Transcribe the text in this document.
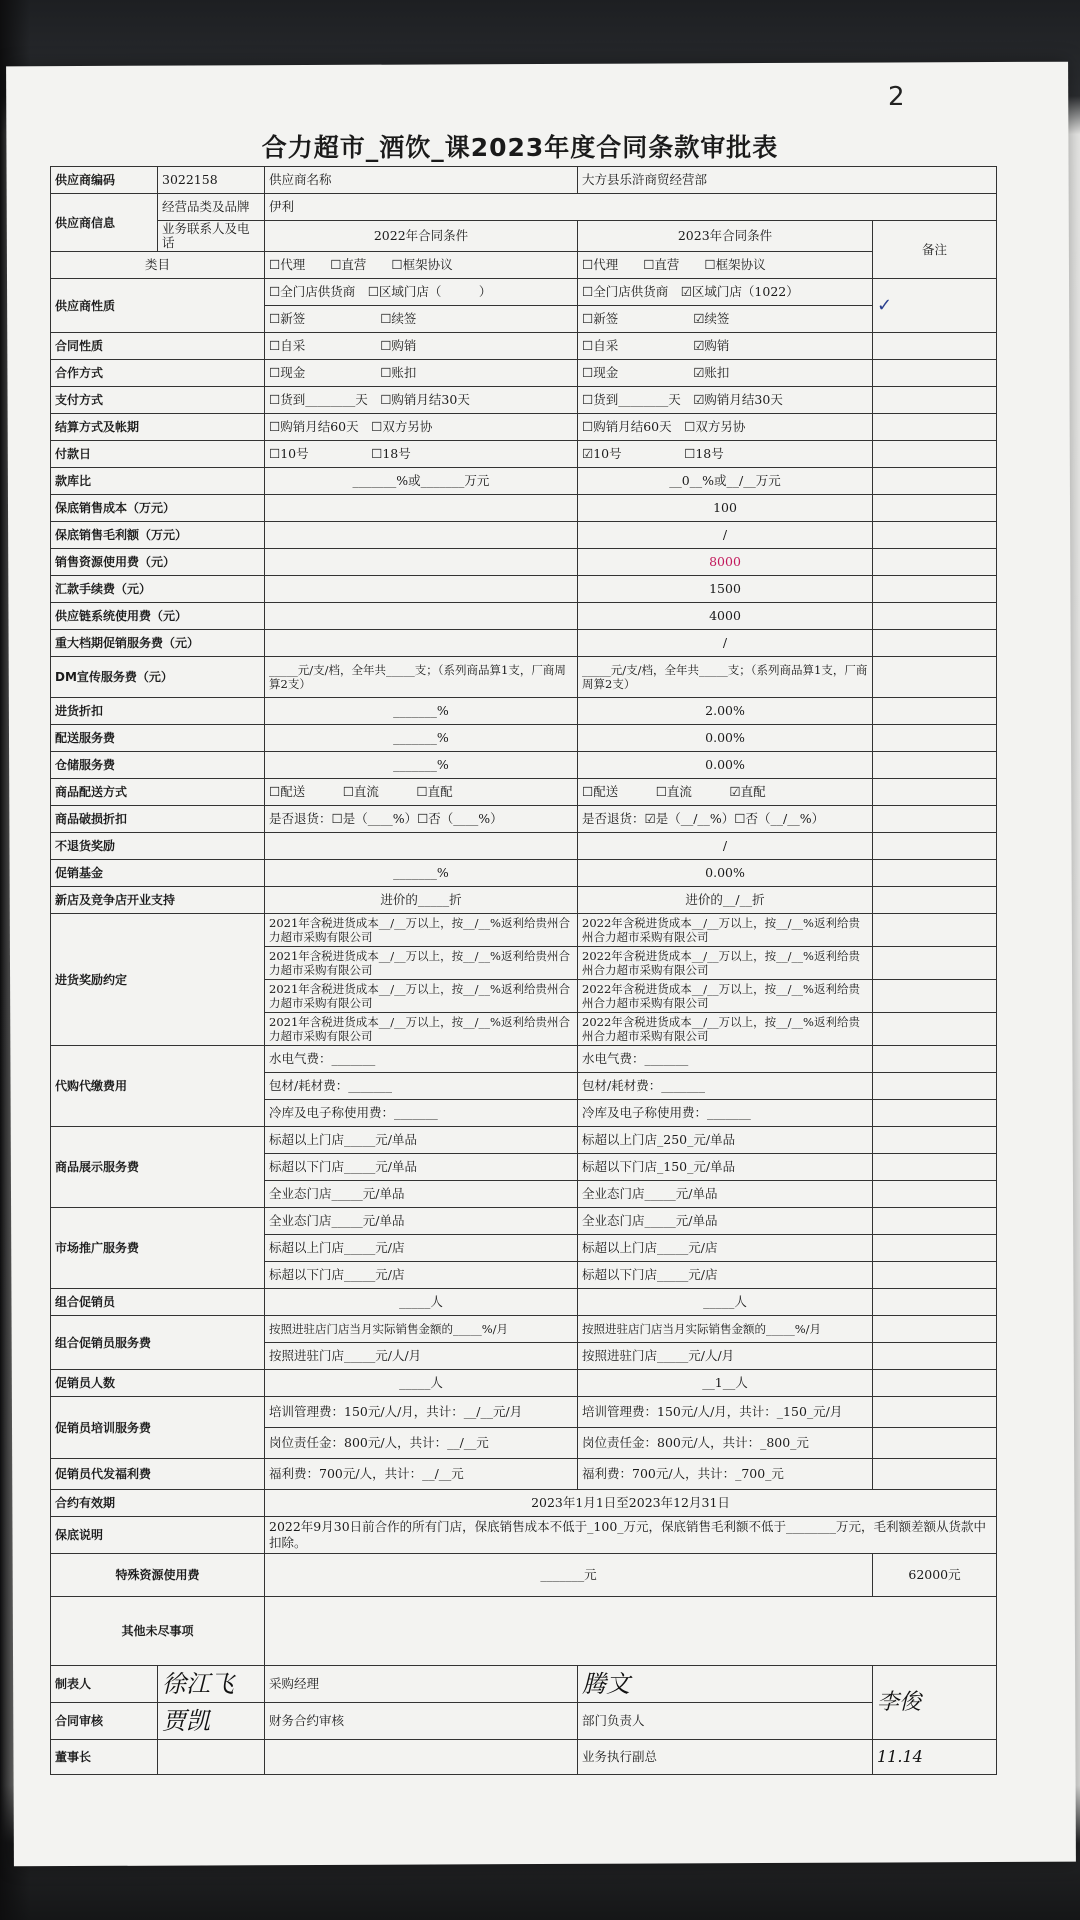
2
合力超市_酒饮_课2023年度合同条款审批表
供应商编码	3022158	供应商名称	大方县乐浒商贸经营部	
供应商信息	经营品类及品牌	伊利		
	业务联系人及电话	2022年合同条件	2023年合同条件	备注
类目		☐代理　　☐直营　　☐框架协议	☐代理　　☐直营　　☐框架协议	
供应商性质		☐全门店供货商　☐区域门店（　　　）	☐全门店供货商　☑区域门店（1022）	✓
		☐新签　　　　　　☐续签	☐新签　　　　　　☑续签	
合同性质		☐自采　　　　　　☐购销	☐自采　　　　　　☑购销	
合作方式		☐现金　　　　　　☐账扣	☐现金　　　　　　☑账扣	
支付方式		☐货到________天　☐购销月结30天	☐货到________天　☑购销月结30天	
结算方式及帐期		☐购销月结60天　☐双方另协	☐购销月结60天　☐双方另协	
付款日		☐10号　　　　　☐18号	☑10号　　　　　☐18号	
款库比		_______%或_______万元	__0__%或__/__万元	
保底销售成本（万元）			100	
保底销售毛利额（万元）			/	
销售资源使用费（元）			8000	
汇款手续费（元）			1500	
供应链系统使用费（元）			4000	
重大档期促销服务费（元）			/	
DM宣传服务费（元）		_____元/支/档，全年共_____支；（系列商品算1支，厂商周算2支）	_____元/支/档，全年共_____支；（系列商品算1支，厂商周算2支）	
进货折扣		_______%	2.00%	
配送服务费		_______%	0.00%	
仓储服务费		_______%	0.00%	
商品配送方式		☐配送　　　☐直流　　　☐直配	☐配送　　　☐直流　　　☑直配	
商品破损折扣		是否退货：☐是（____%）☐否（____%）	是否退货：☑是（__/__%）☐否（__/__%）	
不退货奖励			/	
促销基金		_______%	0.00%	
新店及竞争店开业支持		进价的_____折	进价的__/__折	
进货奖励约定		2021年含税进货成本__/__万以上，按__/__%返利给贵州合力超市采购有限公司	2022年含税进货成本__/__万以上，按__/__%返利给贵州合力超市采购有限公司	
		2021年含税进货成本__/__万以上，按__/__%返利给贵州合力超市采购有限公司	2022年含税进货成本__/__万以上，按__/__%返利给贵州合力超市采购有限公司	
		2021年含税进货成本__/__万以上，按__/__%返利给贵州合力超市采购有限公司	2022年含税进货成本__/__万以上，按__/__%返利给贵州合力超市采购有限公司	
		2021年含税进货成本__/__万以上，按__/__%返利给贵州合力超市采购有限公司	2022年含税进货成本__/__万以上，按__/__%返利给贵州合力超市采购有限公司	
代购代缴费用		水电气费：_______	水电气费：_______	
		包材/耗材费：_______	包材/耗材费：_______	
		冷库及电子称使用费：_______	冷库及电子称使用费：_______	
商品展示服务费		标超以上门店_____元/单品	标超以上门店_250_元/单品	
		标超以下门店_____元/单品	标超以下门店_150_元/单品	
		全业态门店_____元/单品	全业态门店_____元/单品	
市场推广服务费		全业态门店_____元/单品	全业态门店_____元/单品	
		标超以上门店_____元/店	标超以上门店_____元/店	
		标超以下门店_____元/店	标超以下门店_____元/店	
组合促销员		_____人	_____人	
组合促销员服务费		按照进驻店门店当月实际销售金额的_____%/月	按照进驻店门店当月实际销售金额的_____%/月	
		按照进驻门店_____元/人/月	按照进驻门店_____元/人/月	
促销员人数		_____人	__1__人	
促销员培训服务费		培训管理费：150元/人/月，共计：__/__元/月	培训管理费：150元/人/月，共计：_150_元/月	
		岗位责任金：800元/人，共计：__/__元	岗位责任金：800元/人，共计：_800_元	
促销员代发福利费		福利费：700元/人，共计：__/__元	福利费：700元/人，共计：_700_元	
合约有效期		2023年1月1日至2023年12月31日		
保底说明		2022年9月30日前合作的所有门店，保底销售成本不低于_100_万元，保底销售毛利额不低于________万元，毛利额差额从货款中扣除。		
特殊资源使用费		_______元		62000元
其他未尽事项				
制表人	徐江飞	采购经理	腾文	李俊
合同审核	贾凯	财务合约审核	部门负责人	
董事长			业务执行副总	11.14
